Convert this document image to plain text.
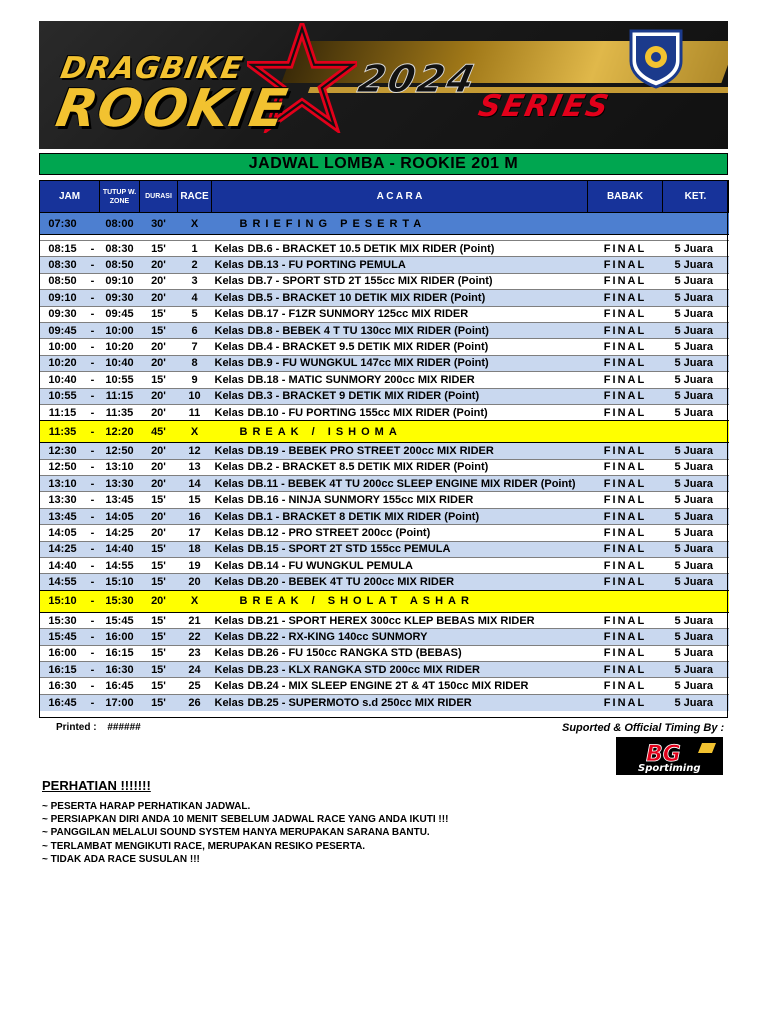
DRAGBIKE
ROOKIE 2024
SERIES
JADWAL LOMBA - ROOKIE 201 M
JAM		TUTUP W. ZONE	DURASI	RACE	A C A R A		BABAK	KET.
07:30		08:00	30'	X	BRIEFING PESERTA			

08:15	-	08:30	15'	1	Kelas	DB.6 - BRACKET 10.5 DETIK MIX RIDER (Point)	FINAL	5 Juara
08:30	-	08:50	20'	2	Kelas	DB.13 - FU PORTING PEMULA	FINAL	5 Juara
08:50	-	09:10	20'	3	Kelas	DB.7 - SPORT STD 2T 155cc MIX RIDER (Point)	FINAL	5 Juara
09:10	-	09:30	20'	4	Kelas	DB.5 - BRACKET 10 DETIK MIX RIDER (Point)	FINAL	5 Juara
09:30	-	09:45	15'	5	Kelas	DB.17 - F1ZR SUNMORY 125cc MIX RIDER	FINAL	5 Juara
09:45	-	10:00	15'	6	Kelas	DB.8 - BEBEK 4 T TU 130cc MIX RIDER (Point)	FINAL	5 Juara
10:00	-	10:20	20'	7	Kelas	DB.4 - BRACKET 9.5 DETIK MIX RIDER (Point)	FINAL	5 Juara
10:20	-	10:40	20'	8	Kelas	DB.9 - FU WUNGKUL 147cc MIX RIDER (Point)	FINAL	5 Juara
10:40	-	10:55	15'	9	Kelas	DB.18 - MATIC SUNMORY 200cc MIX RIDER	FINAL	5 Juara
10:55	-	11:15	20'	10	Kelas	DB.3 - BRACKET 9 DETIK MIX RIDER (Point)	FINAL	5 Juara
11:15	-	11:35	20'	11	Kelas	DB.10 - FU PORTING 155cc MIX RIDER (Point)	FINAL	5 Juara
11:35	-	12:20	45'	X	BREAK / ISHOMA			
12:30	-	12:50	20'	12	Kelas	DB.19 - BEBEK PRO STREET 200cc MIX RIDER	FINAL	5 Juara
12:50	-	13:10	20'	13	Kelas	DB.2 - BRACKET 8.5 DETIK MIX RIDER (Point)	FINAL	5 Juara
13:10	-	13:30	20'	14	Kelas	DB.11 - BEBEK 4T TU 200cc SLEEP ENGINE MIX RIDER (Point)	FINAL	5 Juara
13:30	-	13:45	15'	15	Kelas	DB.16 - NINJA SUNMORY 155cc MIX RIDER	FINAL	5 Juara
13:45	-	14:05	20'	16	Kelas	DB.1 - BRACKET 8 DETIK MIX RIDER (Point)	FINAL	5 Juara
14:05	-	14:25	20'	17	Kelas	DB.12 - PRO STREET 200cc (Point)	FINAL	5 Juara
14:25	-	14:40	15'	18	Kelas	DB.15 - SPORT 2T STD 155cc PEMULA	FINAL	5 Juara
14:40	-	14:55	15'	19	Kelas	DB.14 - FU WUNGKUL PEMULA	FINAL	5 Juara
14:55	-	15:10	15'	20	Kelas	DB.20 - BEBEK 4T TU 200cc MIX RIDER	FINAL	5 Juara
15:10	-	15:30	20'	X	BREAK / SHOLAT ASHAR			
15:30	-	15:45	15'	21	Kelas	DB.21 - SPORT HEREX 300cc KLEP BEBAS MIX RIDER	FINAL	5 Juara
15:45	-	16:00	15'	22	Kelas	DB.22 - RX-KING 140cc SUNMORY	FINAL	5 Juara
16:00	-	16:15	15'	23	Kelas	DB.26 - FU 150cc RANGKA STD (BEBAS)	FINAL	5 Juara
16:15	-	16:30	15'	24	Kelas	DB.23 - KLX RANGKA STD 200cc MIX RIDER	FINAL	5 Juara
16:30	-	16:45	15'	25	Kelas	DB.24 - MIX SLEEP ENGINE 2T & 4T 150cc MIX RIDER	FINAL	5 Juara
16:45	-	17:00	15'	26	Kelas	DB.25 - SUPERMOTO s.d 250cc MIX RIDER	FINAL	5 Juara
Printed : ######	Suported & Official Timing By :
BG
Sportiming
PERHATIAN !!!!!!!
~ PESERTA HARAP PERHATIKAN JADWAL.
~ PERSIAPKAN DIRI ANDA 10 MENIT SEBELUM JADWAL RACE YANG ANDA IKUTI !!!
~ PANGGILAN MELALUI SOUND SYSTEM HANYA MERUPAKAN SARANA BANTU.
~ TERLAMBAT MENGIKUTI RACE, MERUPAKAN RESIKO PESERTA.
~ TIDAK ADA RACE SUSULAN !!!
